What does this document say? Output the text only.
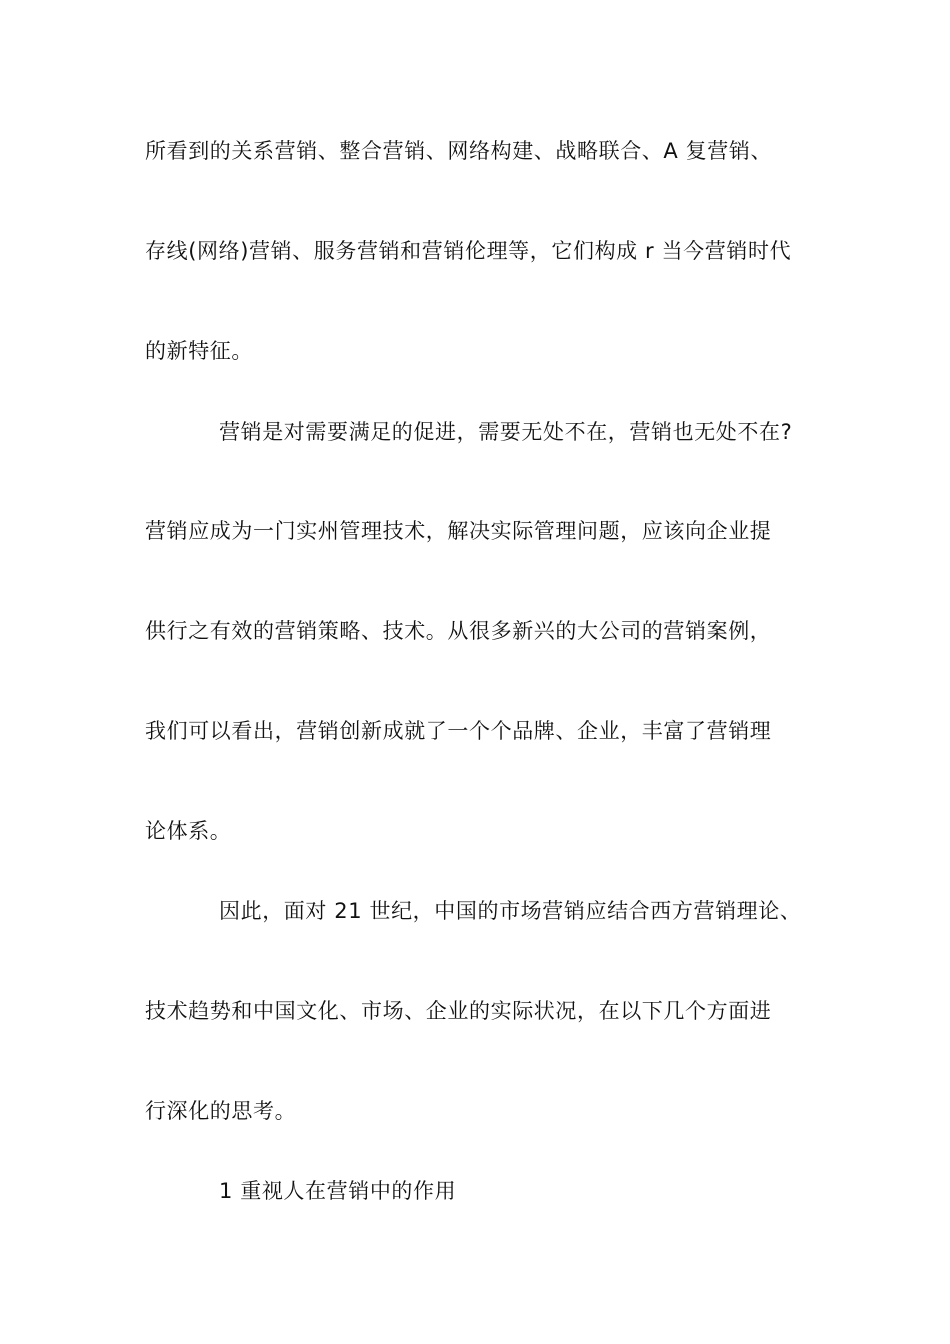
所看到的关系营销、整合营销、网络构建、战略联合、A 复营销、
存线(网络)营销、服务营销和营销伦理等，它们构成 r 当今营销时代
的新特征。
营销是对需要满足的促进，需要无处不在，营销也无处不在?
营销应成为一门实州管理技术，解决实际管理问题，应该向企业提
供行之有效的营销策略、技术。从很多新兴的大公司的营销案例，
我们可以看出，营销创新成就了一个个品牌、企业，丰富了营销理
论体系。
因此，面对 21 世纪，中国的市场营销应结合西方营销理论、
技术趋势和中国文化、市场、企业的实际状况，在以下几个方面进
行深化的思考。
1 重视人在营销中的作用
